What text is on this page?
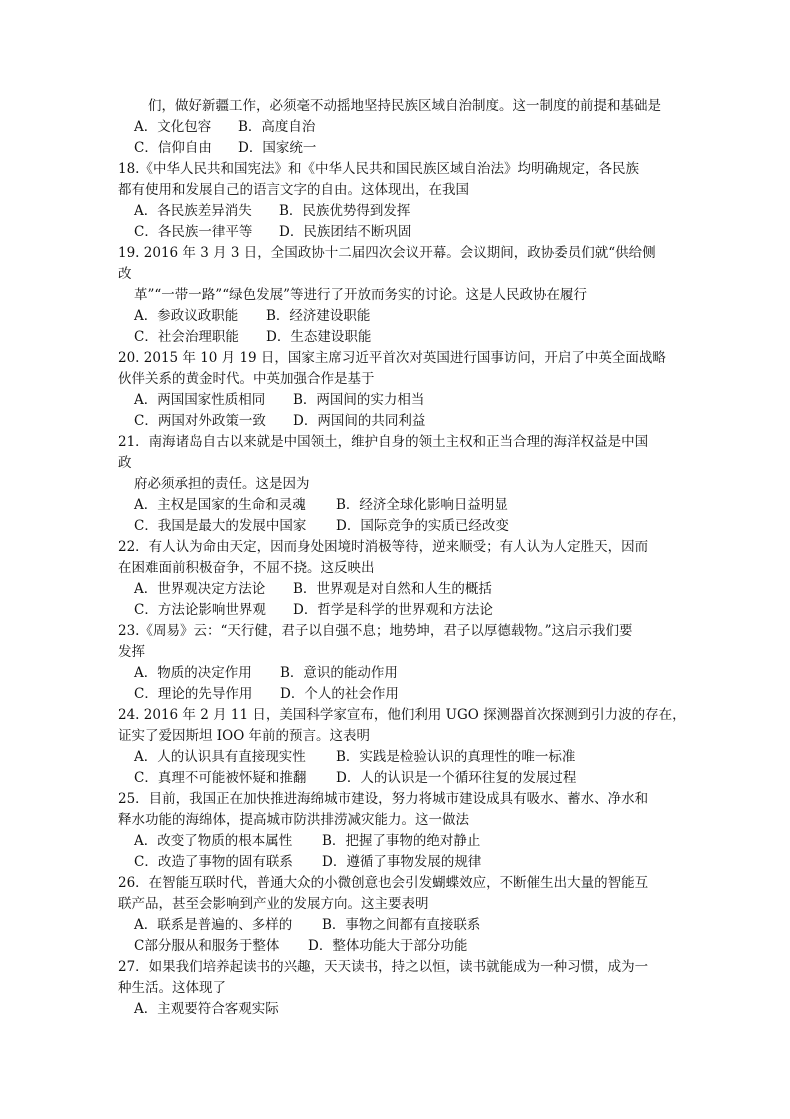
们，做好新疆工作，必须毫不动摇地坚持民族区域自治制度。这一制度的前提和基础是
A．文化包容 B．高度自治
C．信仰自由 D．国家统一
18.《中华人民共和国宪法》和《中华人民共和国民族区域自治法》均明确规定，各民族
都有使用和发展自己的语言文字的自由。这体现出，在我国
A．各民族差异消失 B．民族优势得到发挥
C．各民族一律平等 D．民族团结不断巩固
19. 2016 年 3 月 3 日，全国政协十二届四次会议开幕。会议期间，政协委员们就“供给侧
改
革”“一带一路”“绿色发展”等进行了开放而务实的讨论。这是人民政协在履行
A．参政议政职能 B．经济建设职能
C．社会治理职能 D．生态建设职能
20. 2015 年 10 月 19 日，国家主席习近平首次对英国进行国事访问，开启了中英全面战略
伙伴关系的黄金时代。中英加强合作是基于
A．两国国家性质相同 B．两国间的实力相当
C．两国对外政策一致 D．两国间的共同利益
21．南海诸岛自古以来就是中国领土，维护自身的领土主权和正当合理的海洋权益是中国
政
府必须承担的责任。这是因为
A．主权是国家的生命和灵魂 B．经济全球化影响日益明显
C．我国是最大的发展中国家 D．国际竞争的实质已经改变
22．有人认为命由天定，因而身处困境时消极等待，逆来顺受；有人认为人定胜天，因而
在困难面前积极奋争，不屈不挠。这反映出
A．世界观决定方法论 B．世界观是对自然和人生的概括
C．方法论影响世界观 D．哲学是科学的世界观和方法论
23.《周易》云：“天行健，君子以自强不息；地势坤，君子以厚德载物。”这启示我们要
发挥
A．物质的决定作用 B．意识的能动作用
C．理论的先导作用 D．个人的社会作用
24. 2016 年 2 月 11 日，美国科学家宣布，他们利用 UGO 探测器首次探测到引力波的存在，
证实了爱因斯坦 IOO 年前的预言。这表明
A．人的认识具有直接现实性 B．实践是检验认识的真理性的唯一标准
C．真理不可能被怀疑和推翻 D．人的认识是一个循环往复的发展过程
25．目前，我国正在加快推进海绵城市建设，努力将城市建设成具有吸水、蓄水、净水和
释水功能的海绵体，提高城市防洪排涝减灾能力。这一做法
A．改变了物质的根本属性 B．把握了事物的绝对静止
C．改造了事物的固有联系 D．遵循了事物发展的规律
26．在智能互联时代，普通大众的小微创意也会引发蝴蝶效应，不断催生出大量的智能互
联产品，甚至会影响到产业的发展方向。这主要表明
A．联系是普遍的、多样的 B．事物之间都有直接联系
C部分服从和服务于整体 D．整体功能大于部分功能
27．如果我们培养起读书的兴趣，天天读书，持之以恒，读书就能成为一种习惯，成为一
种生活。这体现了
A．主观要符合客观实际
